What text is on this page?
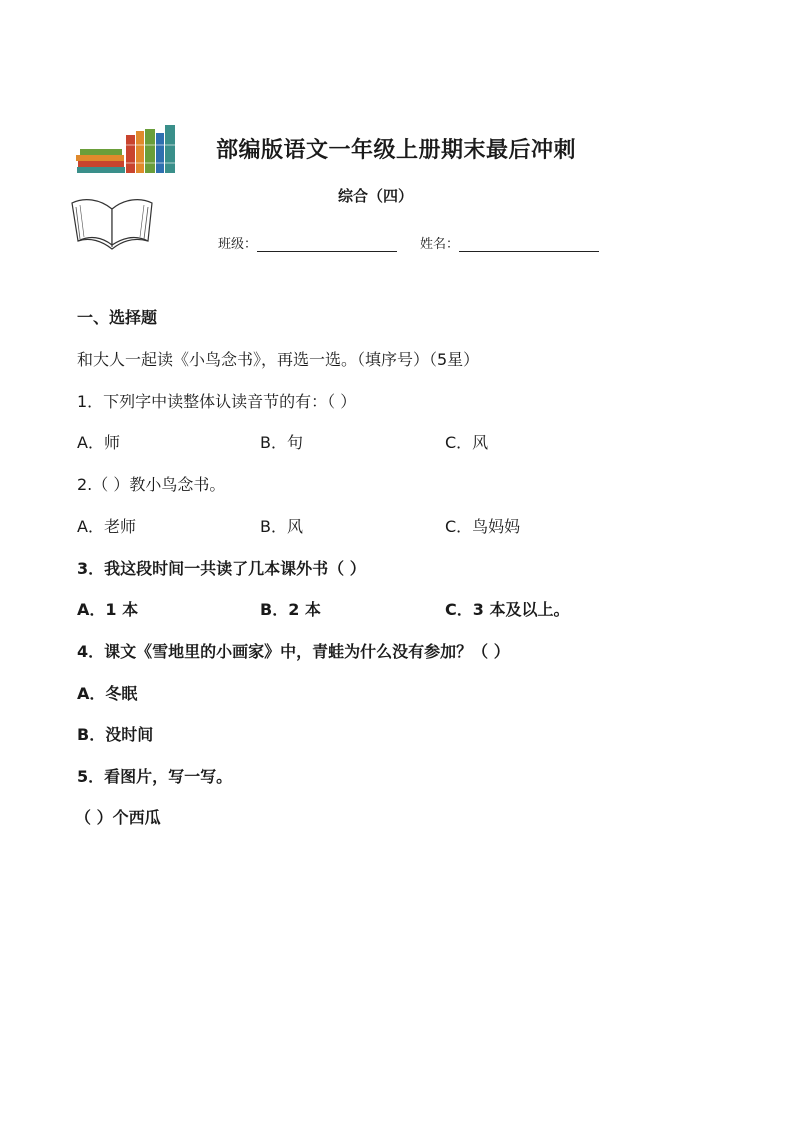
部编版语文一年级上册期末最后冲刺
综合（四）
班级：	姓名：
一、选择题
和大人一起读《小鸟念书》，再选一选。（填序号）（5星）
1．下列字中读整体认读音节的有：（ ）
A．师	B．句	C．风
2.（ ）教小鸟念书。
A．老师	B．风	C．鸟妈妈
3．我这段时间一共读了几本课外书（ ）
A．1 本	B．2 本	C．3 本及以上。
4．课文《雪地里的小画家》中，青蛙为什么没有参加？（ ）
A．冬眠
B．没时间
5．看图片，写一写。
（ ）个西瓜
